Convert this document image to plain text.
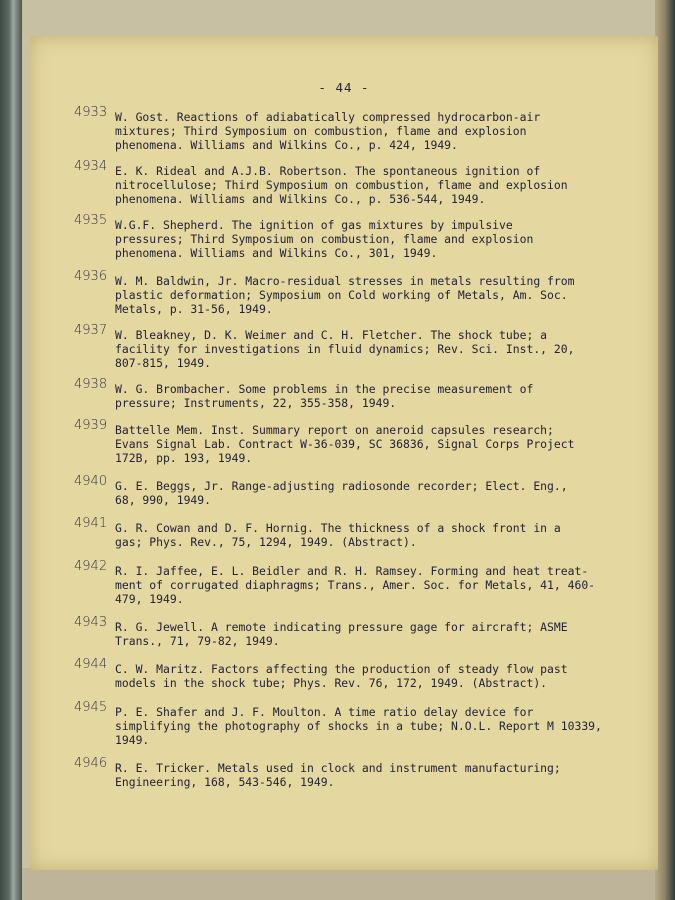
- 44 -
4933 W. Gost. Reactions of adiabatically compressed hydrocarbon-air
mixtures; Third Symposium on combustion, flame and explosion
phenomena. Williams and Wilkins Co., p. 424, 1949.
4934 E. K. Rideal and A.J.B. Robertson. The spontaneous ignition of
nitrocellulose; Third Symposium on combustion, flame and explosion
phenomena. Williams and Wilkins Co., p. 536-544, 1949.
4935 W.G.F. Shepherd. The ignition of gas mixtures by impulsive
pressures; Third Symposium on combustion, flame and explosion
phenomena. Williams and Wilkins Co., 301, 1949.
4936 W. M. Baldwin, Jr. Macro-residual stresses in metals resulting from
plastic deformation; Symposium on Cold working of Metals, Am. Soc.
Metals, p. 31-56, 1949.
4937 W. Bleakney, D. K. Weimer and C. H. Fletcher. The shock tube; a
facility for investigations in fluid dynamics; Rev. Sci. Inst., 20,
807-815, 1949.
4938 W. G. Brombacher. Some problems in the precise measurement of
pressure; Instruments, 22, 355-358, 1949.
4939 Battelle Mem. Inst. Summary report on aneroid capsules research;
Evans Signal Lab. Contract W-36-039, SC 36836, Signal Corps Project
172B, pp. 193, 1949.
4940 G. E. Beggs, Jr. Range-adjusting radiosonde recorder; Elect. Eng.,
68, 990, 1949.
4941 G. R. Cowan and D. F. Hornig. The thickness of a shock front in a
gas; Phys. Rev., 75, 1294, 1949. (Abstract).
4942 R. I. Jaffee, E. L. Beidler and R. H. Ramsey. Forming and heat treat-
ment of corrugated diaphragms; Trans., Amer. Soc. for Metals, 41, 460-
479, 1949.
4943 R. G. Jewell. A remote indicating pressure gage for aircraft; ASME
Trans., 71, 79-82, 1949.
4944 C. W. Maritz. Factors affecting the production of steady flow past
models in the shock tube; Phys. Rev. 76, 172, 1949. (Abstract).
4945 P. E. Shafer and J. F. Moulton. A time ratio delay device for
simplifying the photography of shocks in a tube; N.O.L. Report M 10339,
1949.
4946 R. E. Tricker. Metals used in clock and instrument manufacturing;
Engineering, 168, 543-546, 1949.
